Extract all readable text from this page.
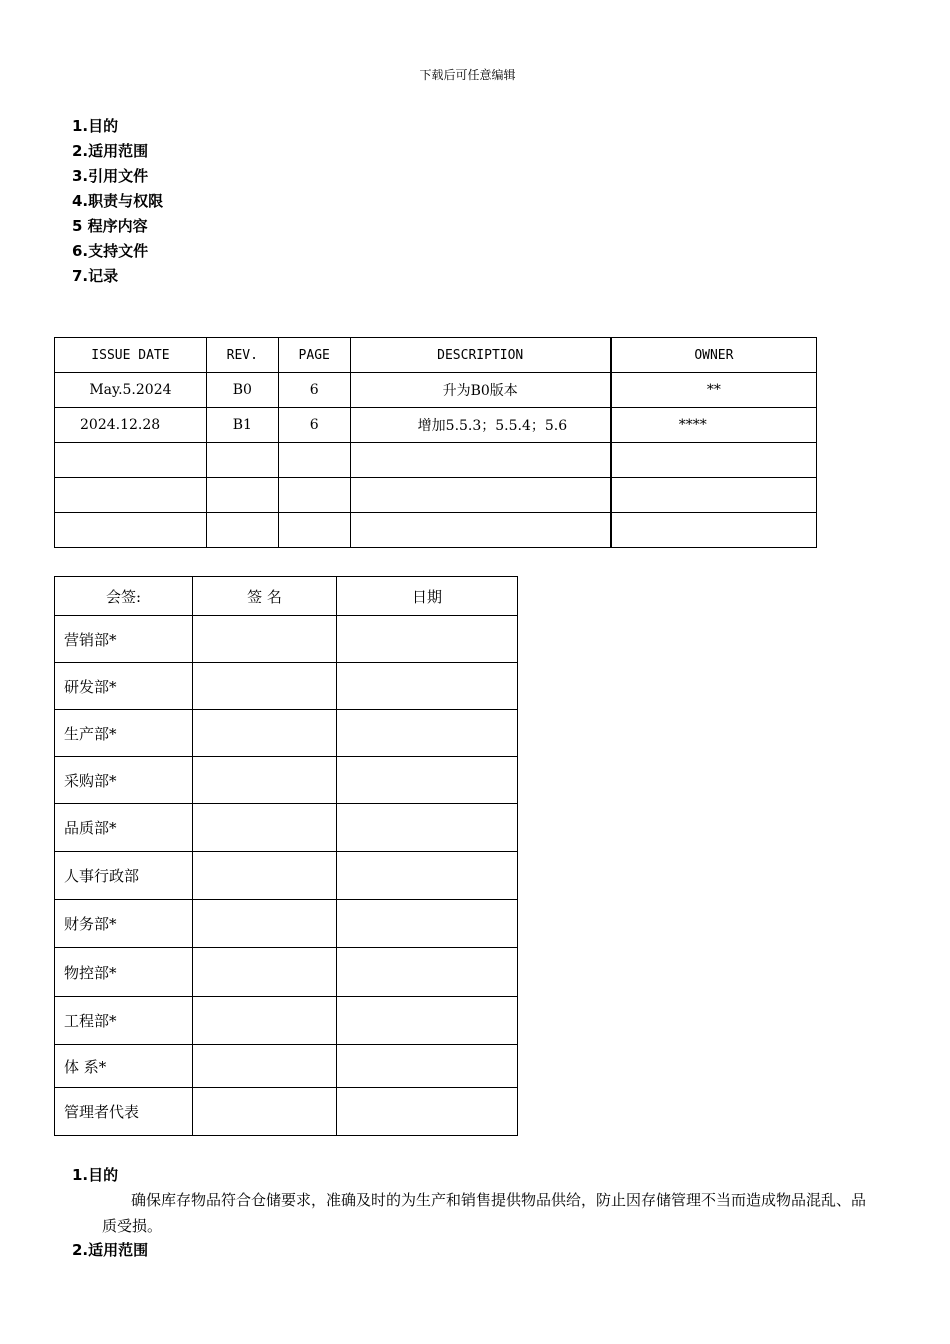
下载后可任意编辑
1.目的
2.适用范围
3.引用文件
4.职责与权限
5 程序内容
6.支持文件
7.记录
ISSUE DATE	REV.	PAGE	DESCRIPTION	OWNER
May.5.2024	B0	6	升为B0版本	**
2024.12.28	B1	6	增加5.5.3；5.5.4；5.6	****

会签:	签 名	日期
营销部*		
研发部*		
生产部*		
采购部*		
品质部*		
人事行政部		
财务部*		
物控部*		
工程部*		
体 系*		
管理者代表		
1.目的
确保库存物品符合仓储要求，准确及时的为生产和销售提供物品供给，防止因存储管理不当而造成物品混乱、品质受损。
2.适用范围
